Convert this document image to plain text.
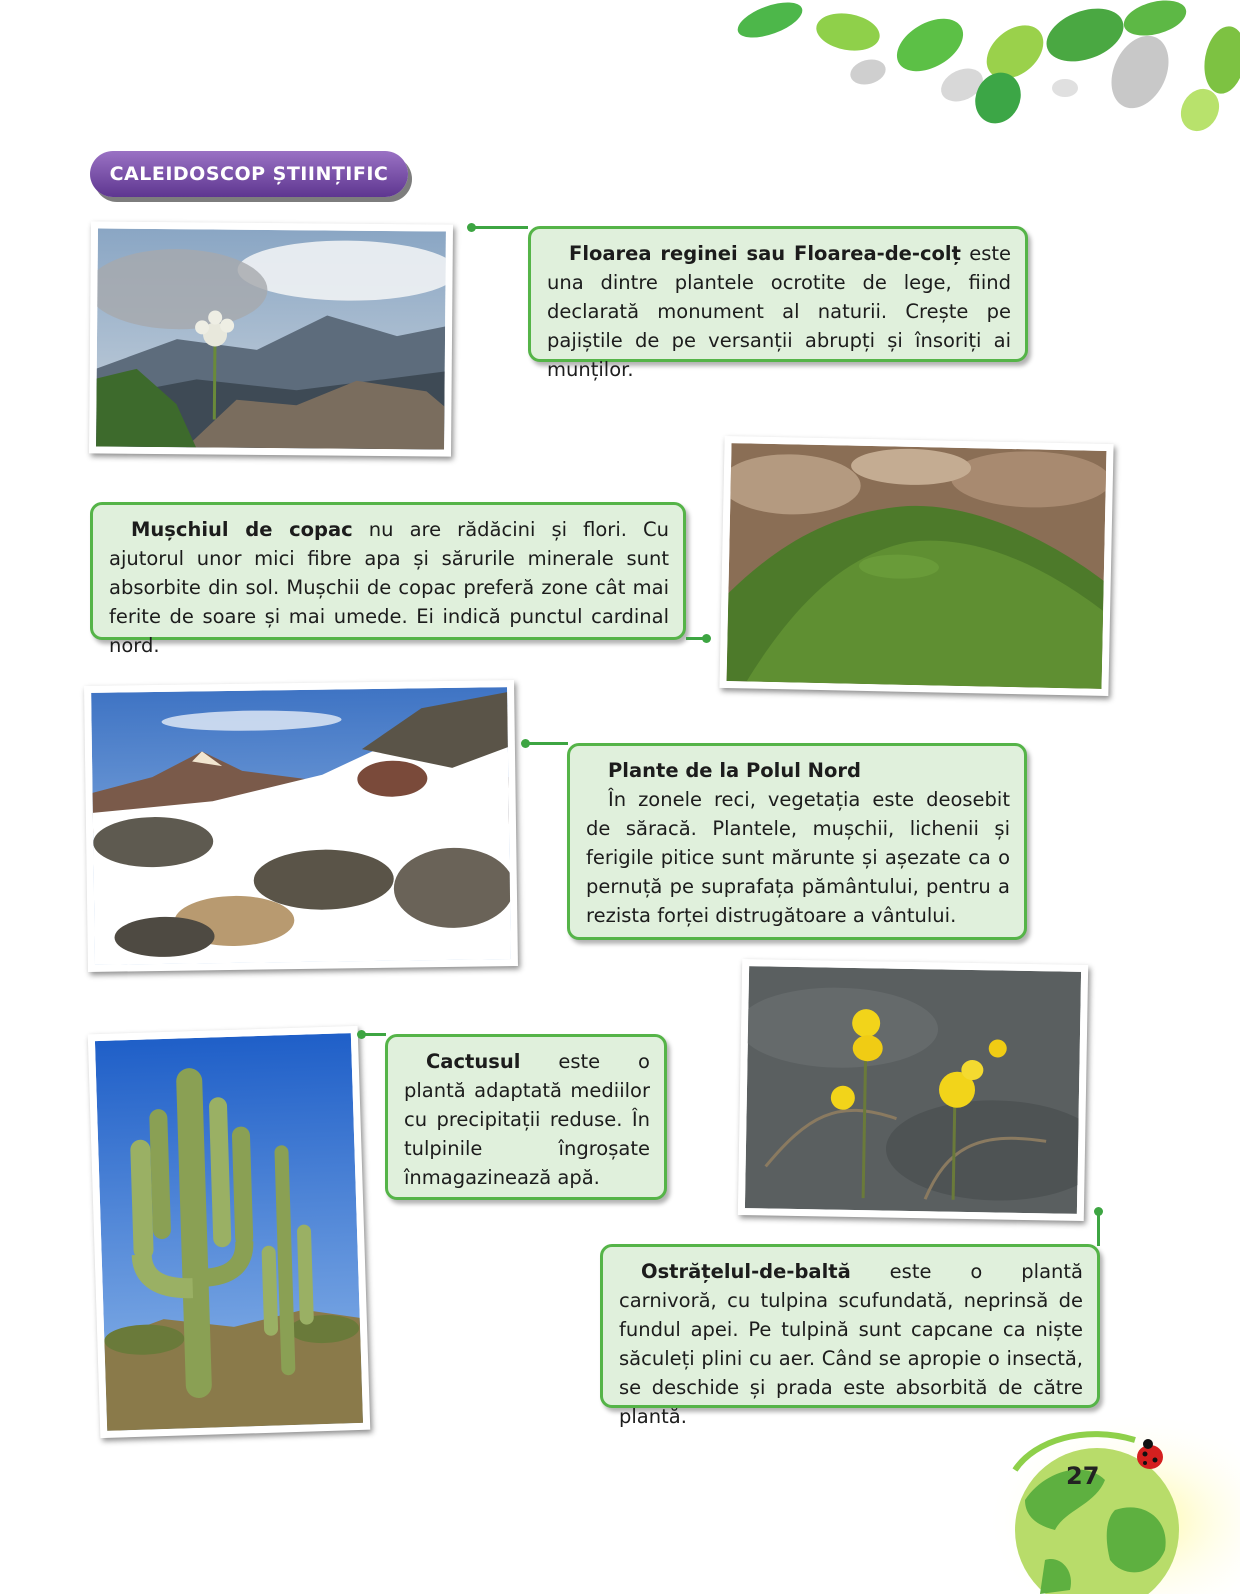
CALEIDOSCOP ȘTIINȚIFIC
Floarea reginei sau Floarea-de-colț este una dintre plantele ocrotite de lege, fiind declarată monument al naturii. Crește pe pajiștile de pe versanții abrupți și însoriți ai munților.
Mușchiul de copac nu are rădăcini și flori. Cu ajutorul unor mici fibre apa și sărurile minerale sunt absorbite din sol. Mușchii de copac preferă zone cât mai ferite de soare și mai umede. Ei indică punctul cardinal nord.
Plante de la Polul Nord
În zonele reci, vegetația este deosebit de săracă. Plantele, mușchii, lichenii și ferigile pitice sunt mărunte și așezate ca o pernuță pe suprafața pământului, pentru a rezista forței distrugătoare a vântului.
Cactusul este o plantă adaptată mediilor cu precipitații reduse. În tulpinile îngroșate înmagazinează apă.
Ostrățelul-de-baltă este o plantă carnivoră, cu tulpina scufundată, neprinsă de fundul apei. Pe tulpină sunt capcane ca niște săculeți plini cu aer. Când se apropie o insectă, se deschide și prada este absorbită de către plantă.
27
